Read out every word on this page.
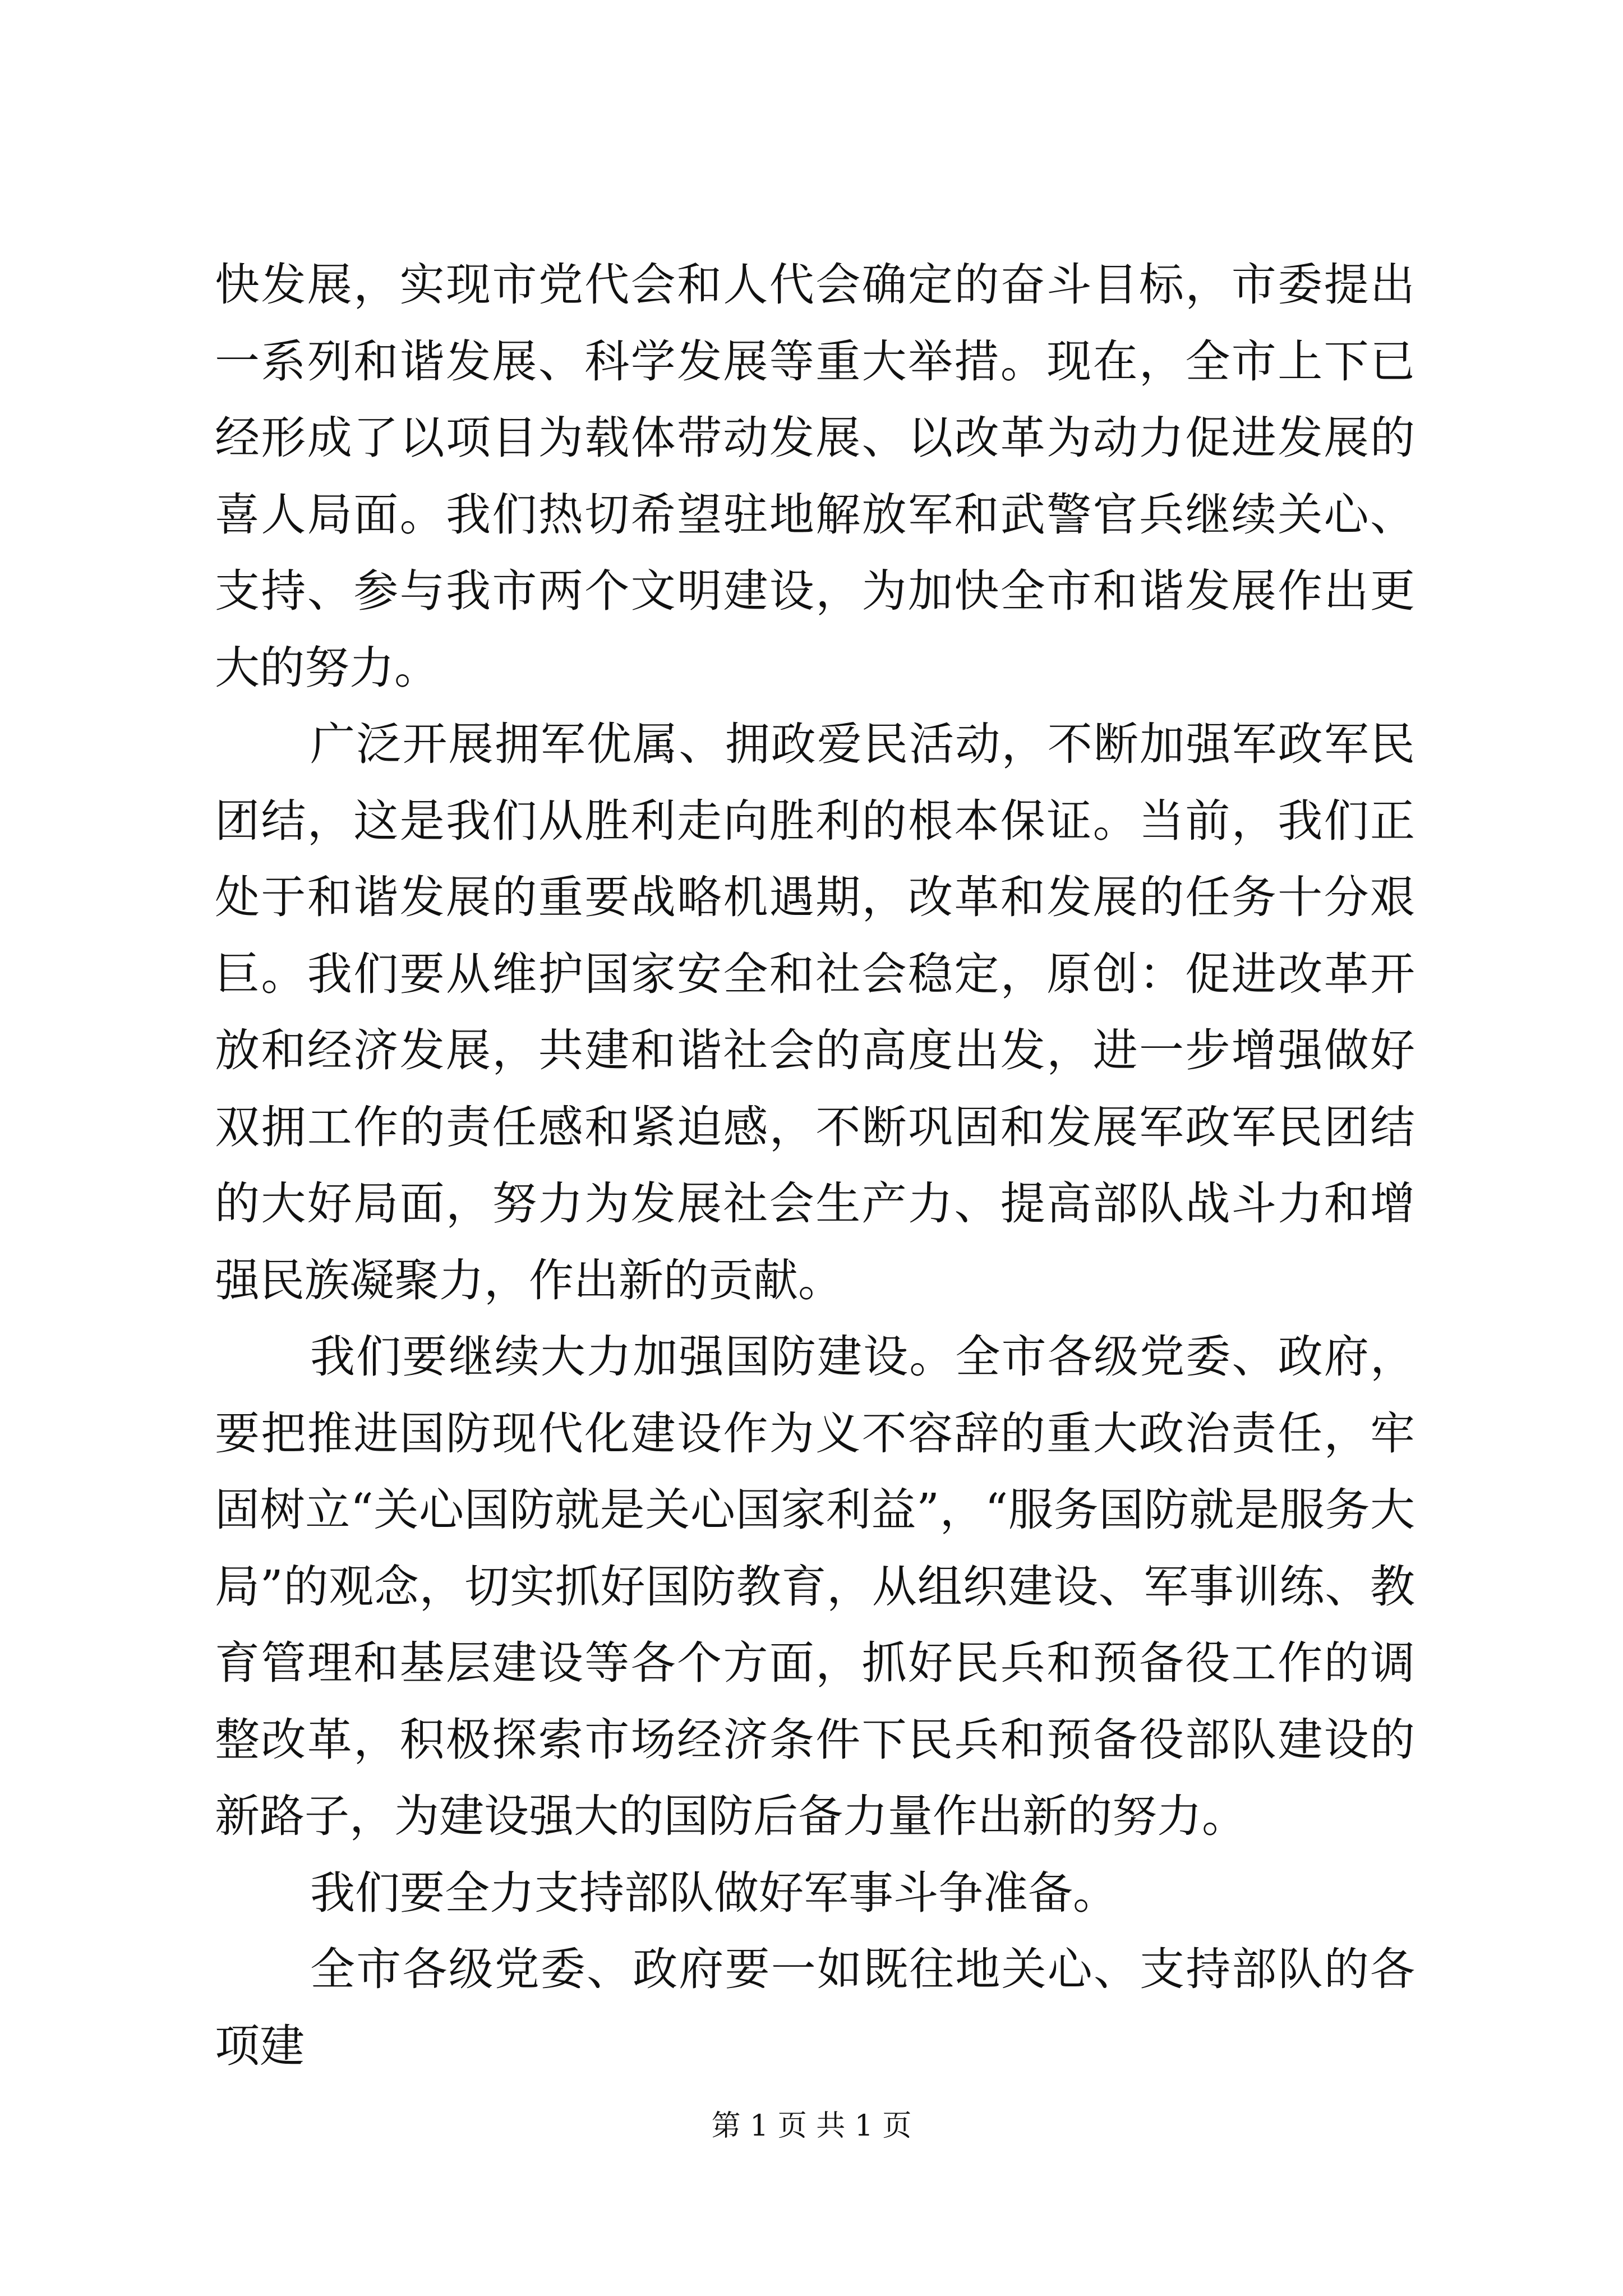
快发展，实现市党代会和人代会确定的奋斗目标，市委提出一系列和谐发展、科学发展等重大举措。现在，全市上下已经形成了以项目为载体带动发展、以改革为动力促进发展的喜人局面。我们热切希望驻地解放军和武警官兵继续关心、支持、参与我市两个文明建设，为加快全市和谐发展作出更大的努力。

广泛开展拥军优属、拥政爱民活动，不断加强军政军民团结，这是我们从胜利走向胜利的根本保证。当前，我们正处于和谐发展的重要战略机遇期，改革和发展的任务十分艰巨。我们要从维护国家安全和社会稳定，原创：促进改革开放和经济发展，共建和谐社会的高度出发，进一步增强做好双拥工作的责任感和紧迫感，不断巩固和发展军政军民团结的大好局面，努力为发展社会生产力、提高部队战斗力和增强民族凝聚力，作出新的贡献。

我们要继续大力加强国防建设。全市各级党委、政府，要把推进国防现代化建设作为义不容辞的重大政治责任，牢固树立“关心国防就是关心国家利益”，“服务国防就是服务大局”的观念，切实抓好国防教育，从组织建设、军事训练、教育管理和基层建设等各个方面，抓好民兵和预备役工作的调整改革，积极探索市场经济条件下民兵和预备役部队建设的新路子，为建设强大的国防后备力量作出新的努力。

我们要全力支持部队做好军事斗争准备。

全市各级党委、政府要一如既往地关心、支持部队的各项建

第 1 页 共 1 页
